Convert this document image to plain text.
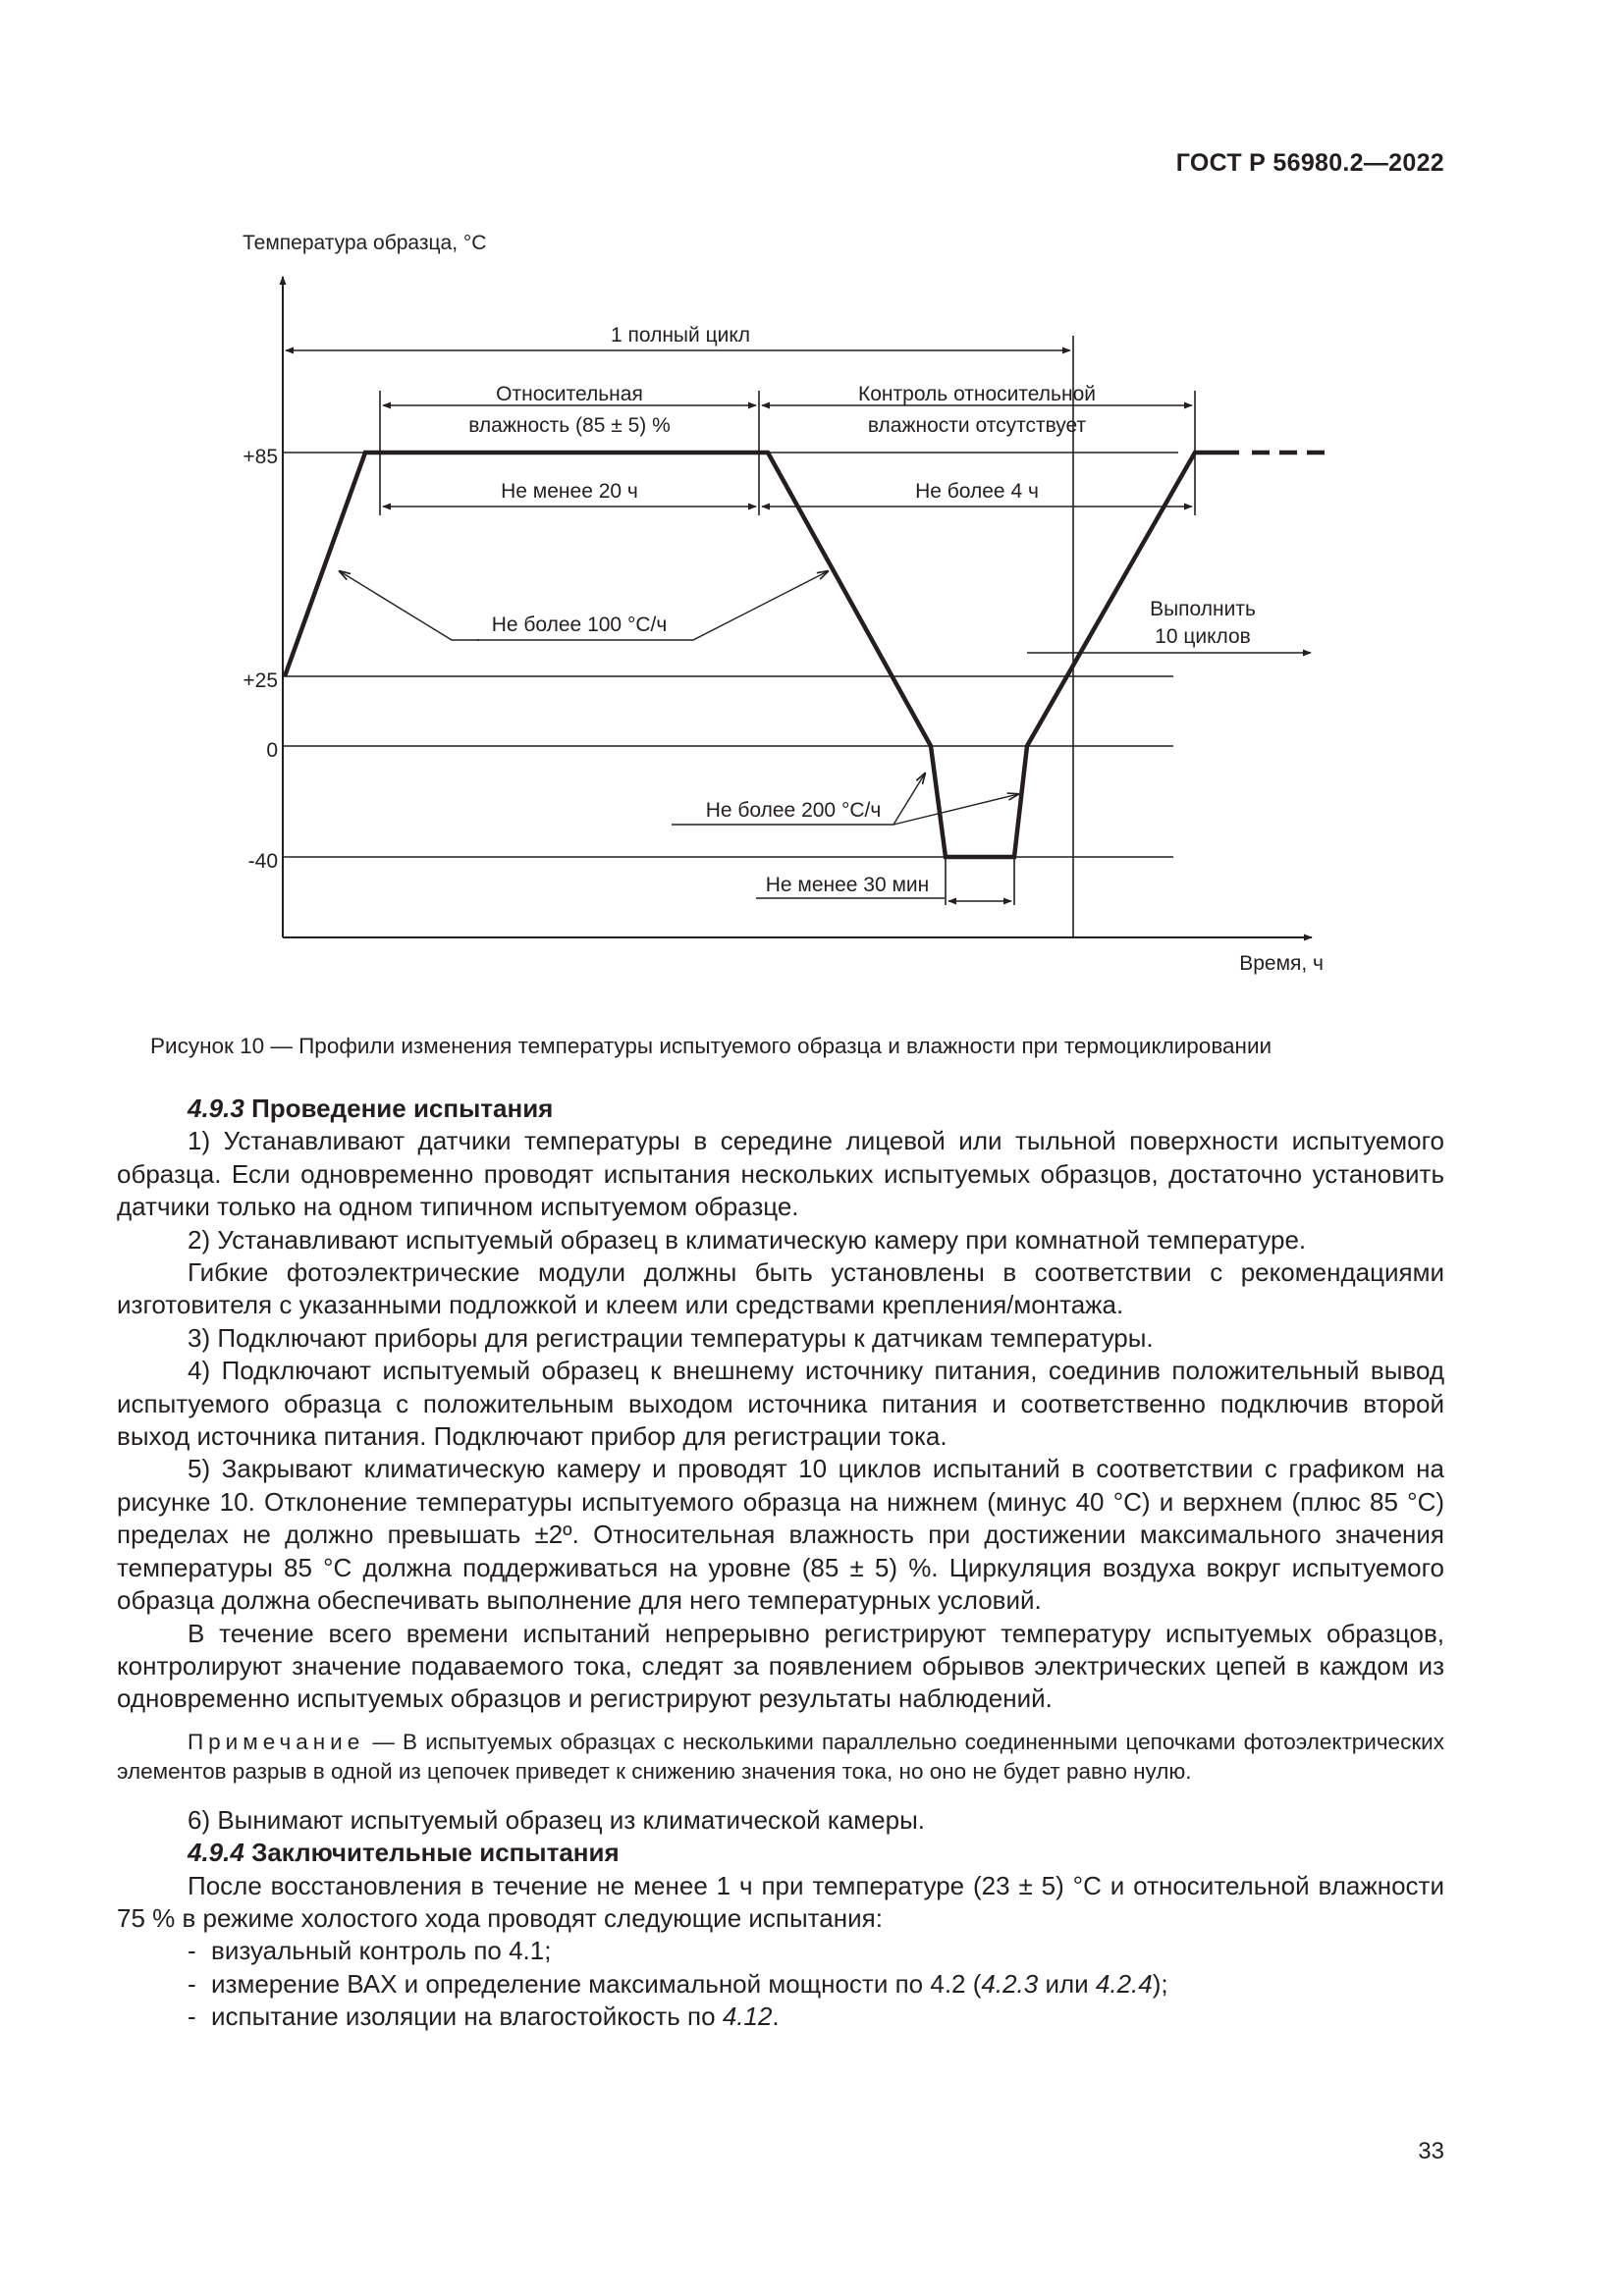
ГОСТ Р 56980.2—2022
Температура образца, °C
Время, ч
+85
+25
0
-40
1 полный цикл
Относительная
влажность (85 ± 5) %
Контроль относительной
влажности отсутствует
Не менее 20 ч	Не более 4 ч
Не более 100 °C/ч
Выполнить
10 циклов
Не более 200 °C/ч
Не менее 30 мин
Рисунок 10 — Профили изменения температуры испытуемого образца и влажности при термоциклировании

4.9.3 Проведение испытания

1) Устанавливают датчики температуры в середине лицевой или тыльной поверхности испытуемого образца. Если одновременно проводят испытания нескольких испытуемых образцов, достаточно установить датчики только на одном типичном испытуемом образце.

2) Устанавливают испытуемый образец в климатическую камеру при комнатной температуре.

Гибкие фотоэлектрические модули должны быть установлены в соответствии с рекомендациями изготовителя с указанными подложкой и клеем или средствами крепления/монтажа.

3) Подключают приборы для регистрации температуры к датчикам температуры.

4) Подключают испытуемый образец к внешнему источнику питания, соединив положительный вывод испытуемого образца с положительным выходом источника питания и соответственно подключив второй выход источника питания. Подключают прибор для регистрации тока.

5) Закрывают климатическую камеру и проводят 10 циклов испытаний в соответствии с графиком на рисунке 10. Отклонение температуры испытуемого образца на нижнем (минус 40 °C) и верхнем (плюс 85 °C) пределах не должно превышать ±2º. Относительная влажность при достижении максимального значения температуры 85 °C должна поддерживаться на уровне (85 ± 5) %. Циркуляция воздуха вокруг испытуемого образца должна обеспечивать выполнение для него температурных условий.

В течение всего времени испытаний непрерывно регистрируют температуру испытуемых образцов, контролируют значение подаваемого тока, следят за появлением обрывов электрических цепей в каждом из одновременно испытуемых образцов и регистрируют результаты наблюдений.

Примечание — В испытуемых образцах с несколькими параллельно соединенными цепочками фотоэлектрических элементов разрыв в одной из цепочек приведет к снижению значения тока, но оно не будет равно нулю.

6) Вынимают испытуемый образец из климатической камеры.

4.9.4 Заключительные испытания

После восстановления в течение не менее 1 ч при температуре (23 ± 5) °C и относительной влажности 75 % в режиме холостого хода проводят следующие испытания:

- визуальный контроль по 4.1;

- измерение ВАХ и определение максимальной мощности по 4.2 (4.2.3 или 4.2.4);

- испытание изоляции на влагостойкость по 4.12.

33
